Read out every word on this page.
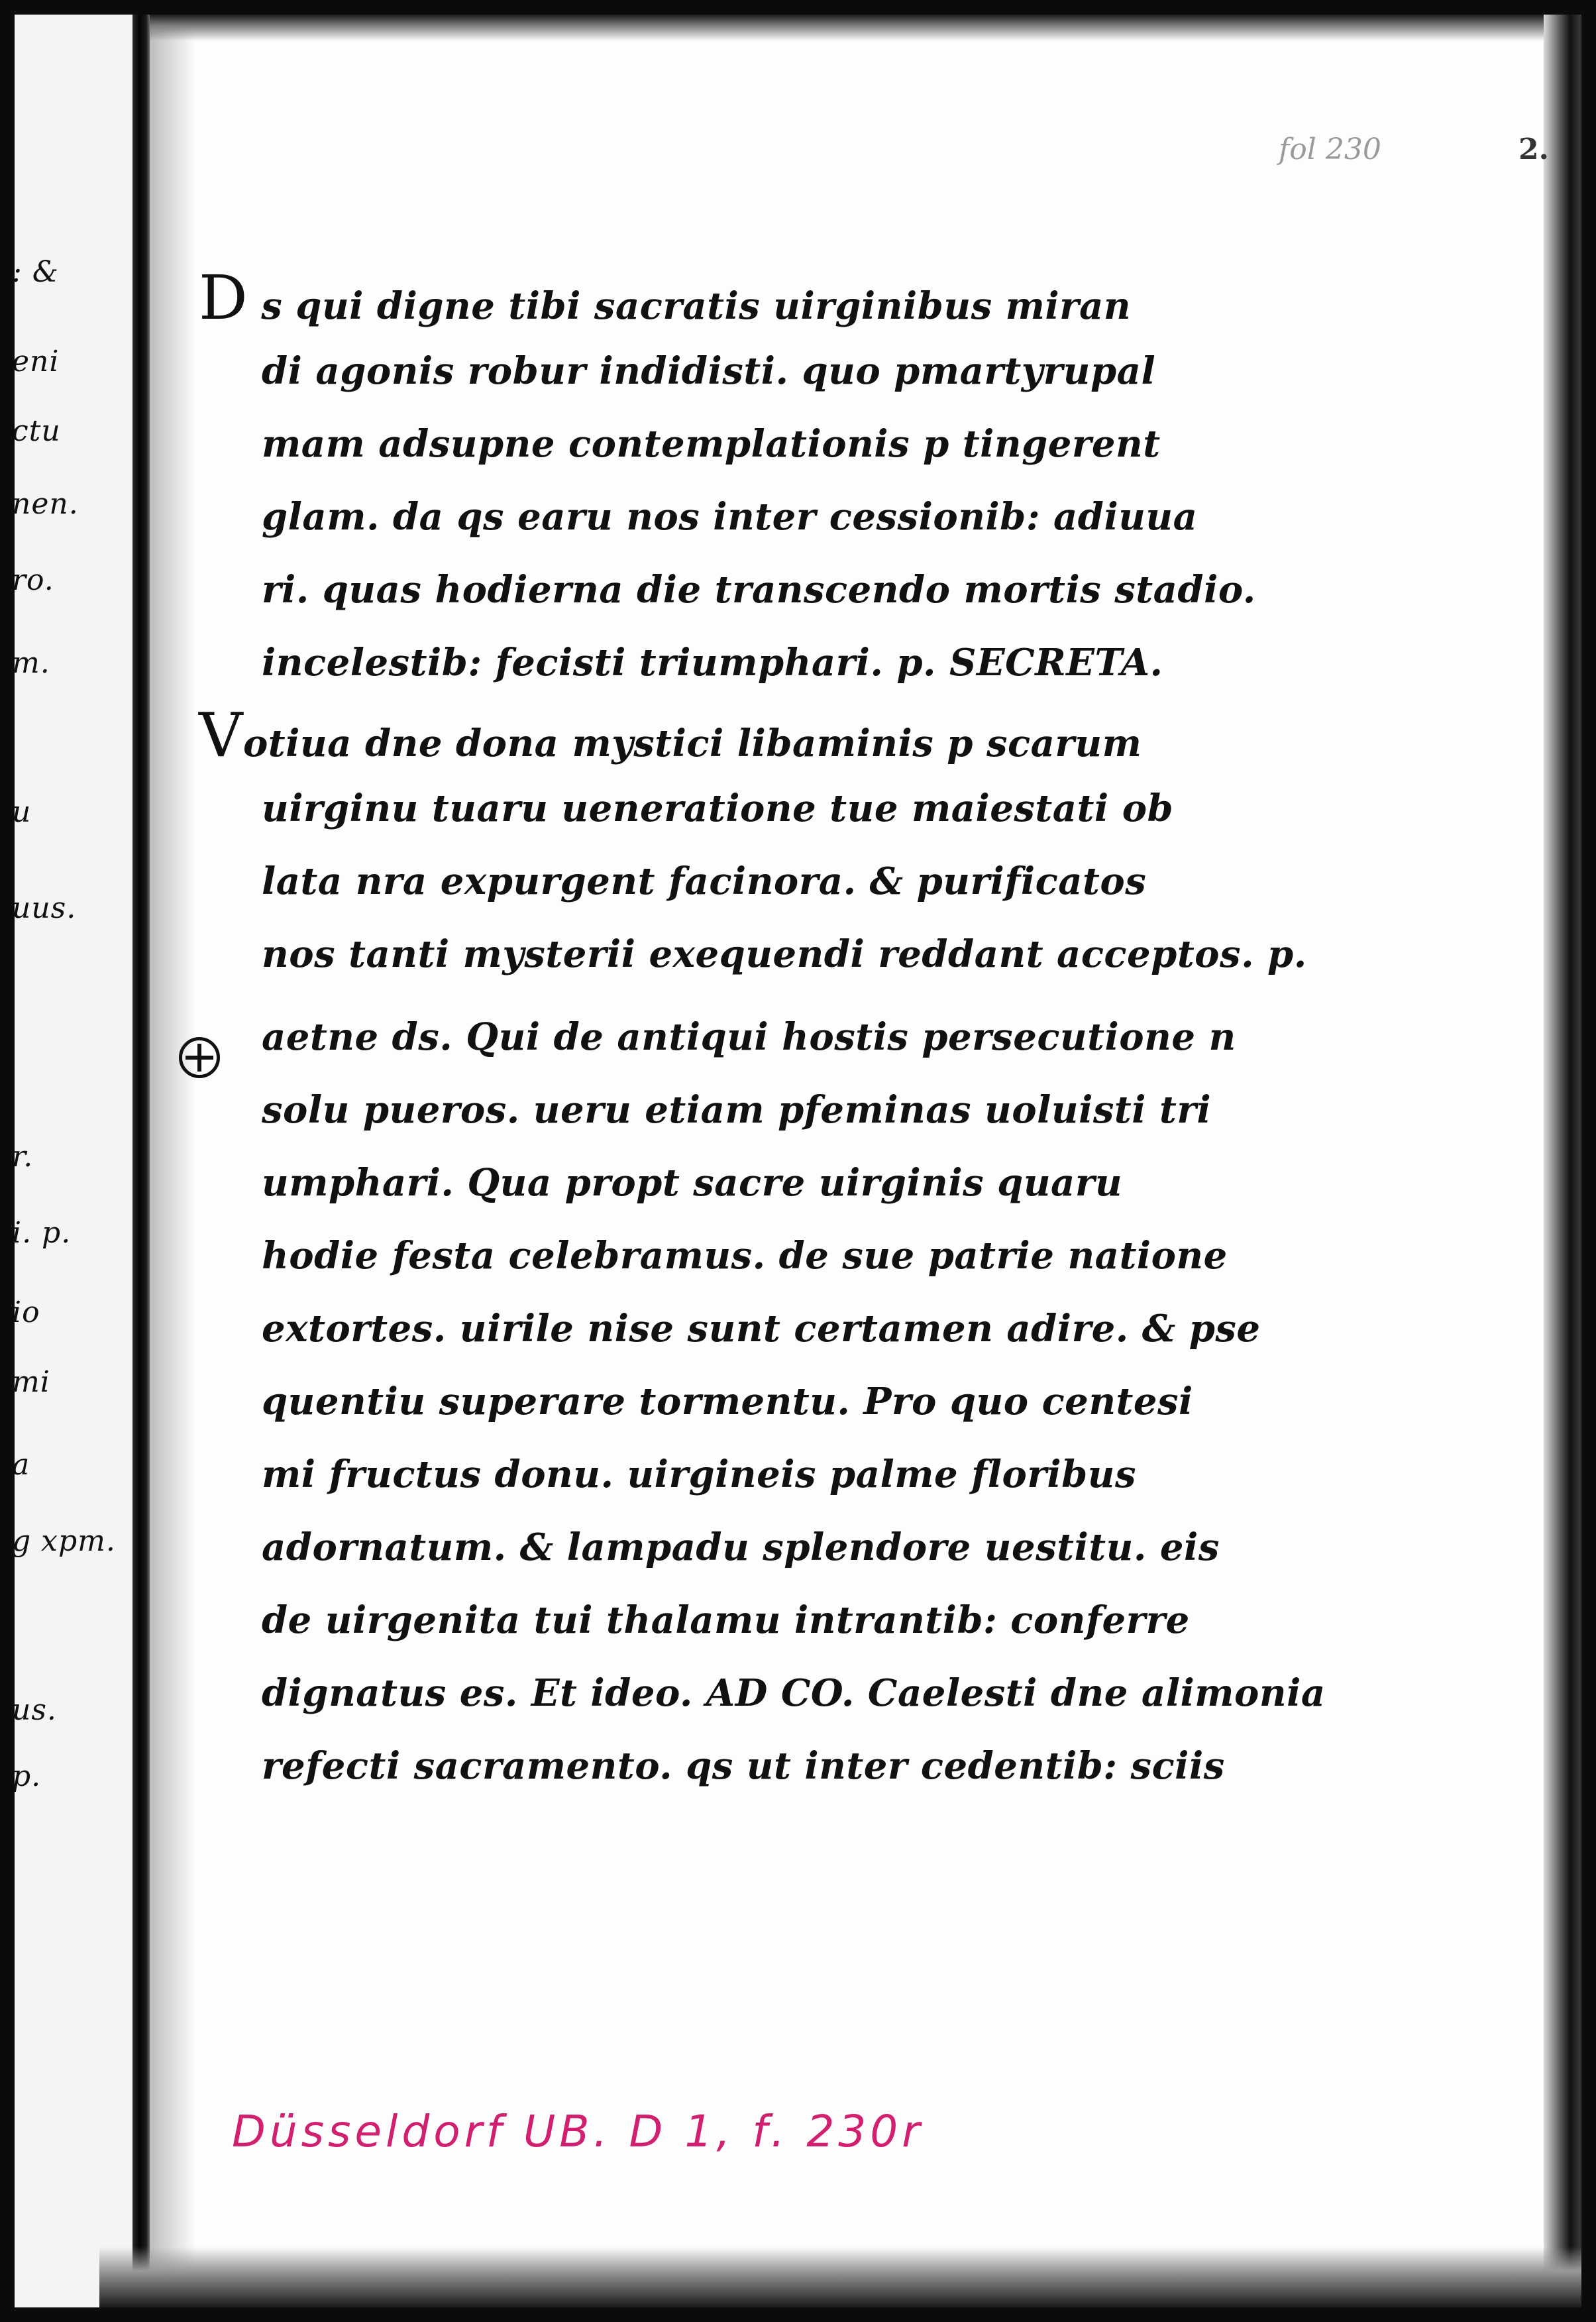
: &
eni
ctu
nen.
ro.
m.
u
uus.
r.
i. p.
io
mi
a
g xpm.
us.
p.
fol 230	2.
D s qui digne tibi sacratis uirginibus miran
di agonis robur indidisti. quo pmartyrupal
mam adsupne contemplationis p tingerent
glam. da qs earu nos inter cessionib: adiuua
ri. quas hodierna die transcendo mortis stadio.
incelestib: fecisti triumphari. p. SECRETA.
Votiua dne dona mystici libaminis p scarum
uirginu tuaru ueneratione tue maiestati ob
lata nra expurgent facinora. & purificatos
nos tanti mysterii exequendi reddant acceptos. p.
aetne ds. Qui de antiqui hostis persecutione n
solu pueros. ueru etiam pfeminas uoluisti tri
umphari. Qua propt sacre uirginis quaru
hodie festa celebramus. de sue patrie natione
extortes. uirile nise sunt certamen adire. & pse
quentiu superare tormentu. Pro quo centesi
mi fructus donu. uirgineis palme floribus
adornatum. & lampadu splendore uestitu. eis
de uirgenita tui thalamu intrantib: conferre
dignatus es. Et ideo. AD CO. Caelesti dne alimonia
refecti sacramento. qs ut inter cedentib: sciis
Düsseldorf UB. D 1, f. 230r
